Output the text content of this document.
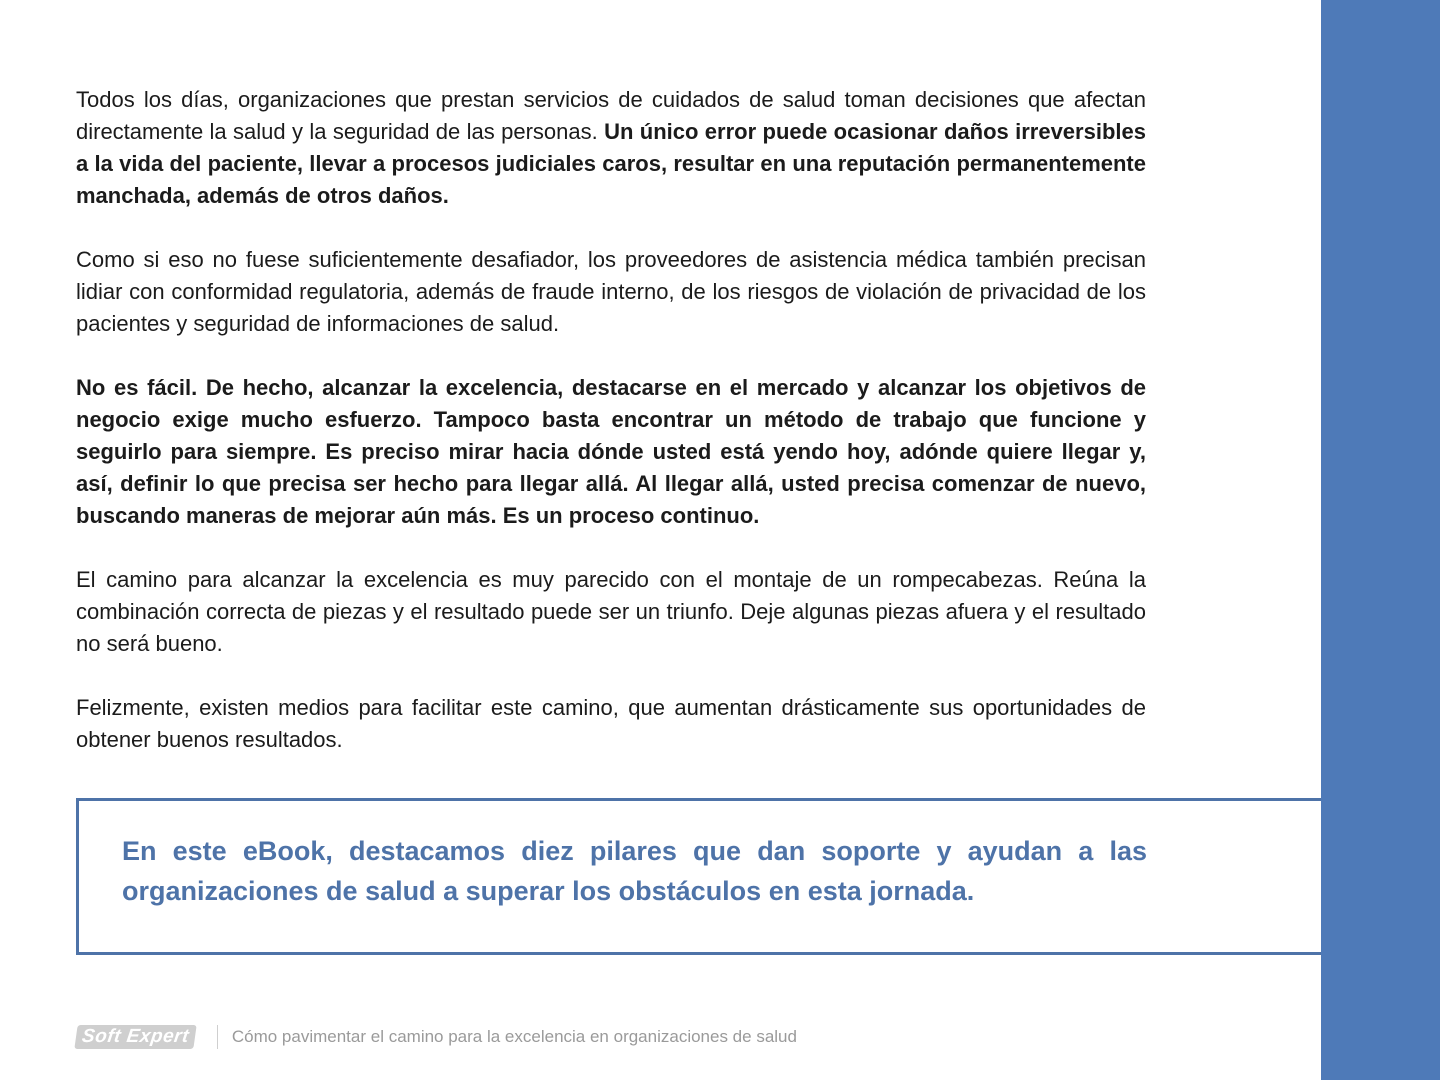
Todos los días, organizaciones que prestan servicios de cuidados de salud toman decisiones que afectan directamente la salud y la seguridad de las personas. Un único error puede ocasionar daños irreversibles a la vida del paciente, llevar a procesos judiciales caros, resultar en una reputación permanentemente manchada, además de otros daños.

Como si eso no fuese suficientemente desafiador, los proveedores de asistencia médica también precisan lidiar con conformidad regulatoria, además de fraude interno, de los riesgos de violación de privacidad de los pacientes y seguridad de informaciones de salud.

No es fácil. De hecho, alcanzar la excelencia, destacarse en el mercado y alcanzar los objetivos de negocio exige mucho esfuerzo. Tampoco basta encontrar un método de trabajo que funcione y seguirlo para siempre. Es preciso mirar hacia dónde usted está yendo hoy, adónde quiere llegar y, así, definir lo que precisa ser hecho para llegar allá. Al llegar allá, usted precisa comenzar de nuevo, buscando maneras de mejorar aún más. Es un proceso continuo.

El camino para alcanzar la excelencia es muy parecido con el montaje de un rompecabezas. Reúna la combinación correcta de piezas y el resultado puede ser un triunfo. Deje algunas piezas afuera y el resultado no será bueno.

Felizmente, existen medios para facilitar este camino, que aumentan drásticamente sus oportunidades de obtener buenos resultados.

En este eBook, destacamos diez pilares que dan soporte y ayudan a las organizaciones de salud a superar los obstáculos en esta jornada.

Soft Expert	Cómo pavimentar el camino para la excelencia en organizaciones de salud
